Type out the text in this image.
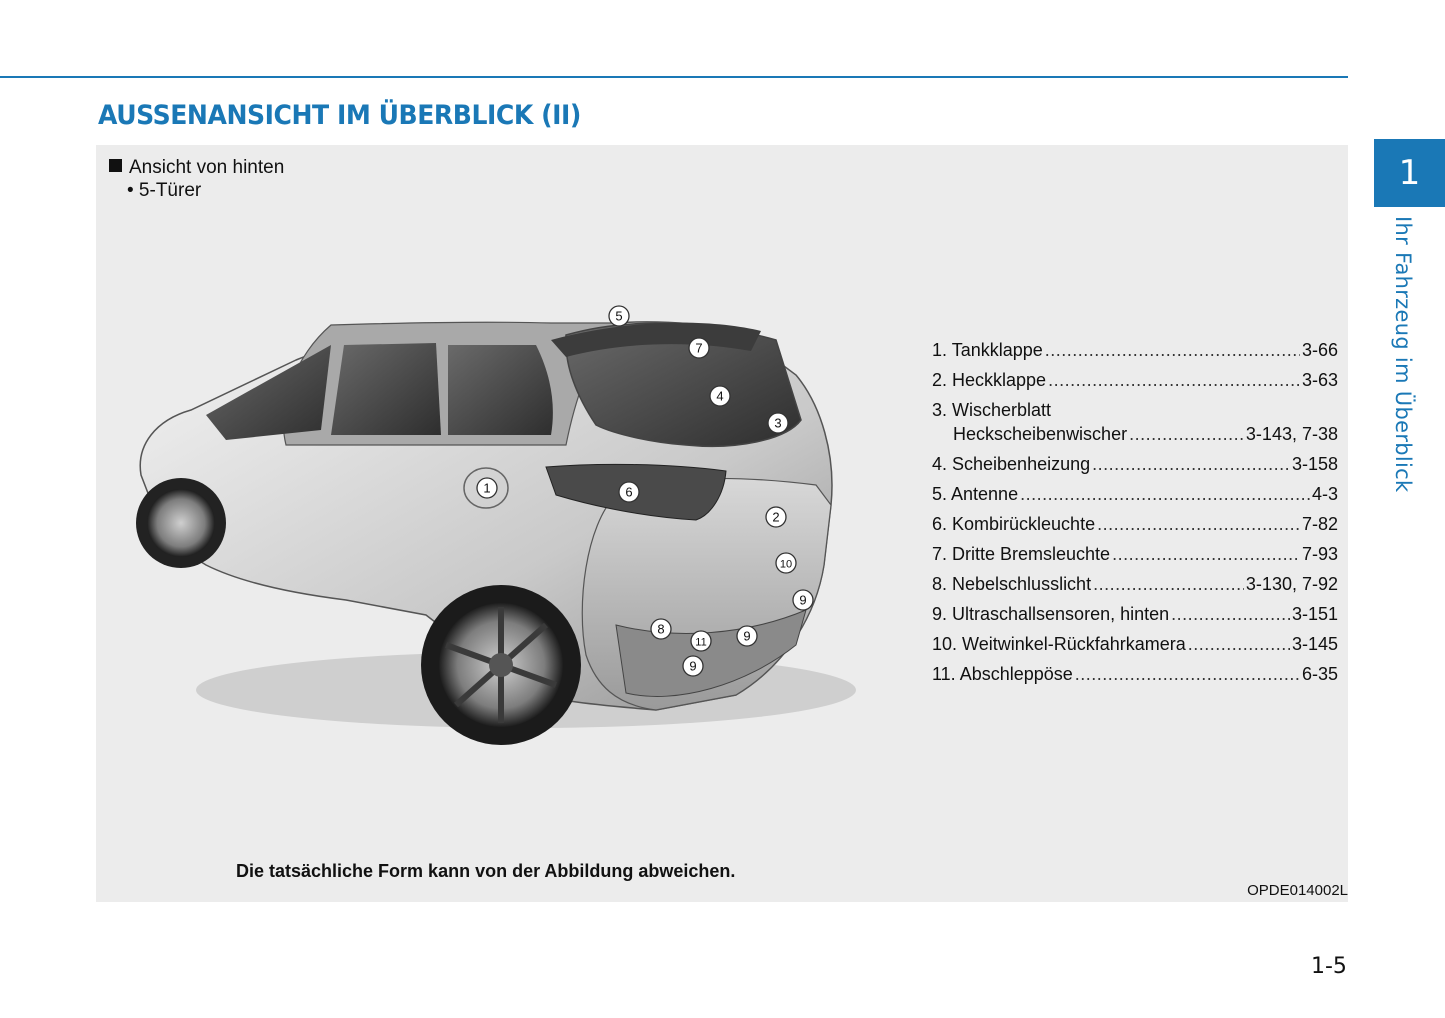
AUSSENANSICHT IM ÜBERBLICK (II)
1
Ihr Fahrzeug im Überblick
Ansicht von hinten
• 5-Türer
1
2
3
4
5
6
7
8
9
9
9
10
11
1. Tankklappe .....	3-66
2. Heckklappe .....	3-63
3. Wischerblatt
Heckscheibenwischer .....	3-143, 7-38
4. Scheibenheizung .....	3-158
5. Antenne .....	4-3
6. Kombirückleuchte .....	7-82
7. Dritte Bremsleuchte .....	7-93
8. Nebelschlusslicht .....	3-130, 7-92
9. Ultraschallsensoren, hinten .....	3-151
10. Weitwinkel-Rückfahrkamera .....	3-145
11. Abschleppöse .....	6-35
Die tatsächliche Form kann von der Abbildung abweichen.
OPDE014002L
1-5
